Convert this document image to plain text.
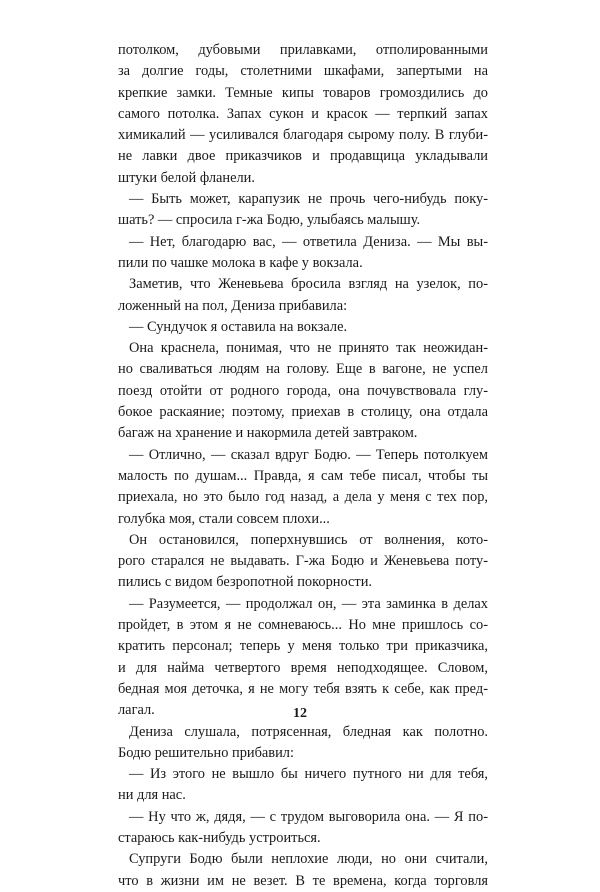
потолком, дубовыми прилавками, отполированными
за долгие годы, столетними шкафами, запертыми на
крепкие замки. Темные кипы товаров громоздились до
самого потолка. Запах сукон и красок — терпкий запах
химикалий — усиливался благодаря сырому полу. В глуби-
не лавки двое приказчиков и продавщица укладывали
штуки белой фланели.
— Быть может, карапузик не прочь чего-нибудь поку-
шать? — спросила г-жа Бодю, улыбаясь малышу.
— Нет, благодарю вас, — ответила Дениза. — Мы вы-
пили по чашке молока в кафе у вокзала.
Заметив, что Женевьева бросила взгляд на узелок, по-
ложенный на пол, Дениза прибавила:
— Сундучок я оставила на вокзале.
Она краснела, понимая, что не принято так неожидан-
но сваливаться людям на голову. Еще в вагоне, не успел
поезд отойти от родного города, она почувствовала глу-
бокое раскаяние; поэтому, приехав в столицу, она отдала
багаж на хранение и накормила детей завтраком.
— Отлично, — сказал вдруг Бодю. — Теперь потолкуем
малость по душам... Правда, я сам тебе писал, чтобы ты
приехала, но это было год назад, а дела у меня с тех пор,
голубка моя, стали совсем плохи...
Он остановился, поперхнувшись от волнения, кото-
рого старался не выдавать. Г-жа Бодю и Женевьева поту-
пились с видом безропотной покорности.
— Разумеется, — продолжал он, — эта заминка в делах
пройдет, в этом я не сомневаюсь... Но мне пришлось со-
кратить персонал; теперь у меня только три приказчика,
и для найма четвертого время неподходящее. Словом,
бедная моя деточка, я не могу тебя взять к себе, как пред-
лагал.
Дениза слушала, потрясенная, бледная как полотно.
Бодю решительно прибавил:
— Из этого не вышло бы ничего путного ни для тебя,
ни для нас.
— Ну что ж, дядя, — с трудом выговорила она. — Я по-
стараюсь как-нибудь устроиться.
Супруги Бодю были неплохие люди, но они считали,
что в жизни им не везет. В те времена, когда торговля
12
